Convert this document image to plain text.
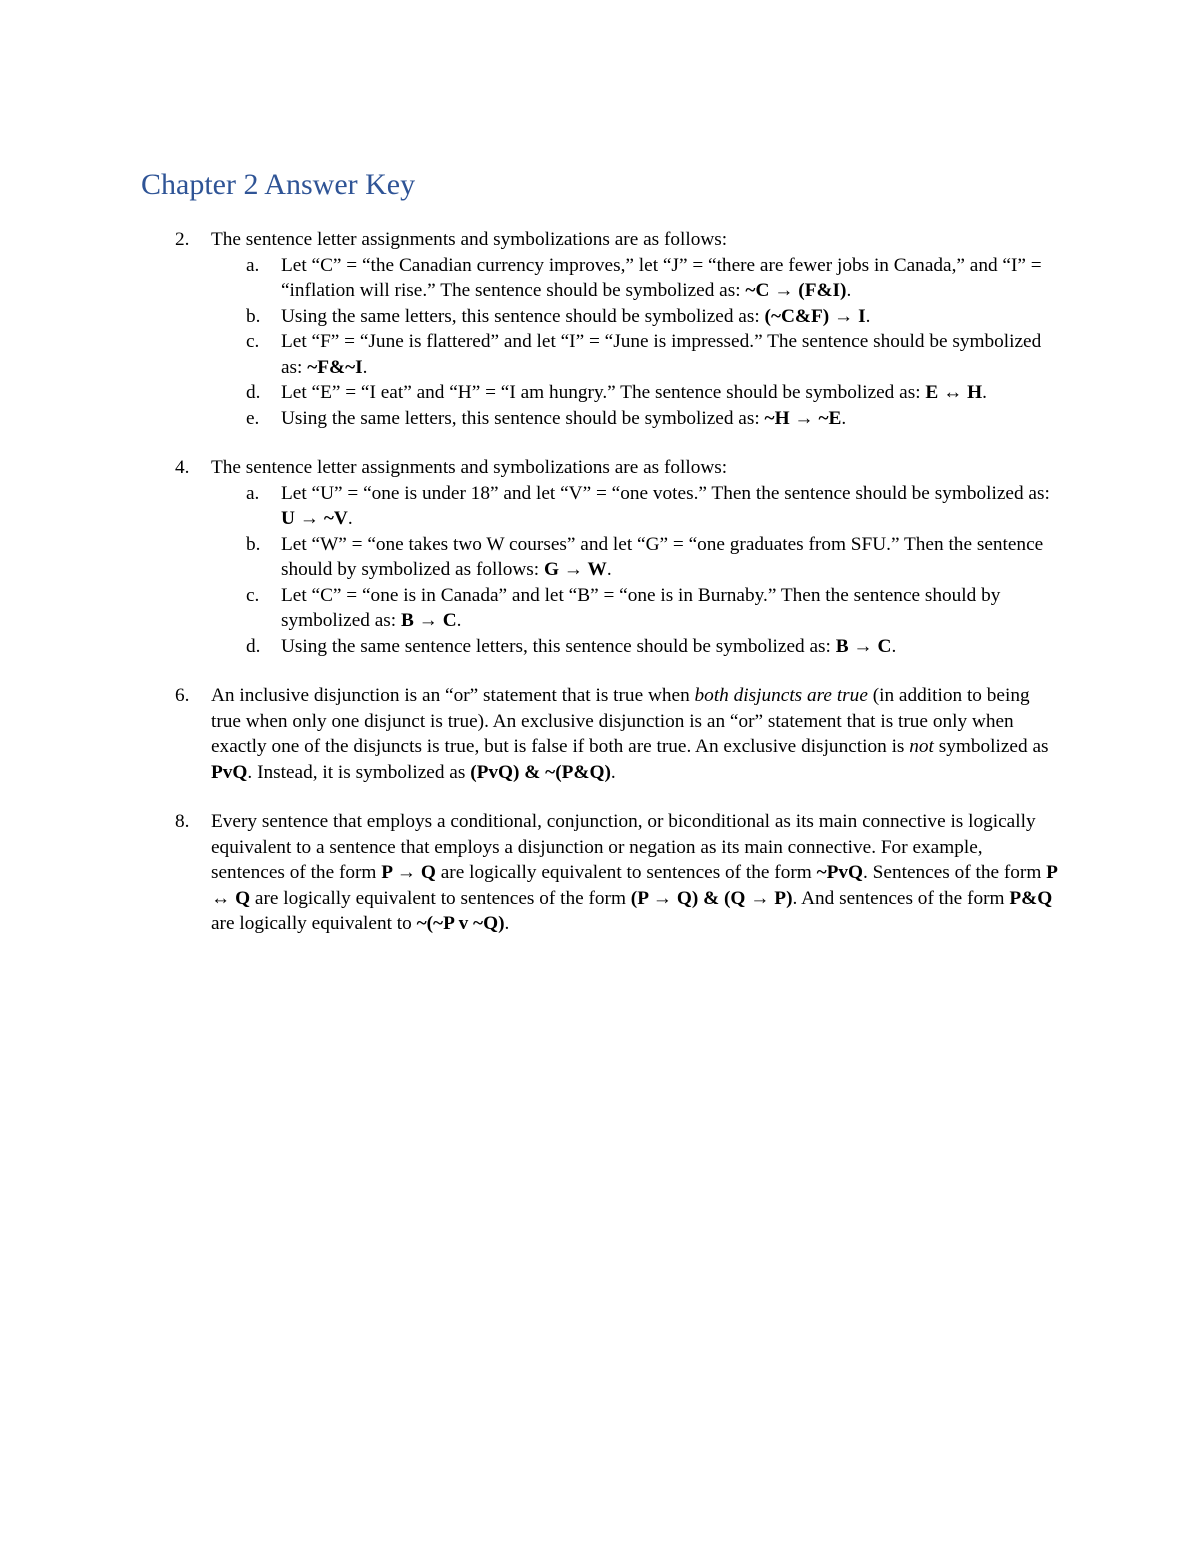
Chapter 2 Answer Key
2. The sentence letter assignments and symbolizations are as follows:
a. Let “C” = “the Canadian currency improves,” let “J” = “there are fewer jobs in Canada,” and “I” = “inflation will rise.” The sentence should be symbolized as: ~C → (F&I).
b. Using the same letters, this sentence should be symbolized as: (~C&F) → I.
c. Let “F” = “June is flattered” and let “I” = “June is impressed.” The sentence should be symbolized as: ~F&~I.
d. Let “E” = “I eat” and “H” = “I am hungry.” The sentence should be symbolized as: E ↔ H.
e. Using the same letters, this sentence should be symbolized as: ~H → ~E.
4. The sentence letter assignments and symbolizations are as follows:
a. Let “U” = “one is under 18” and let “V” = “one votes.” Then the sentence should be symbolized as: U → ~V.
b. Let “W” = “one takes two W courses” and let “G” = “one graduates from SFU.” Then the sentence should by symbolized as follows: G → W.
c. Let “C” = “one is in Canada” and let “B” = “one is in Burnaby.” Then the sentence should by symbolized as: B → C.
d. Using the same sentence letters, this sentence should be symbolized as: B → C.
6. An inclusive disjunction is an “or” statement that is true when both disjuncts are true (in addition to being true when only one disjunct is true). An exclusive disjunction is an “or” statement that is true only when exactly one of the disjuncts is true, but is false if both are true. An exclusive disjunction is not symbolized as PvQ. Instead, it is symbolized as (PvQ) & ~(P&Q).
8. Every sentence that employs a conditional, conjunction, or biconditional as its main connective is logically equivalent to a sentence that employs a disjunction or negation as its main connective. For example, sentences of the form P → Q are logically equivalent to sentences of the form ~PvQ. Sentences of the form P ↔ Q are logically equivalent to sentences of the form (P → Q) & (Q → P). And sentences of the form P&Q are logically equivalent to ~(~P v ~Q).
